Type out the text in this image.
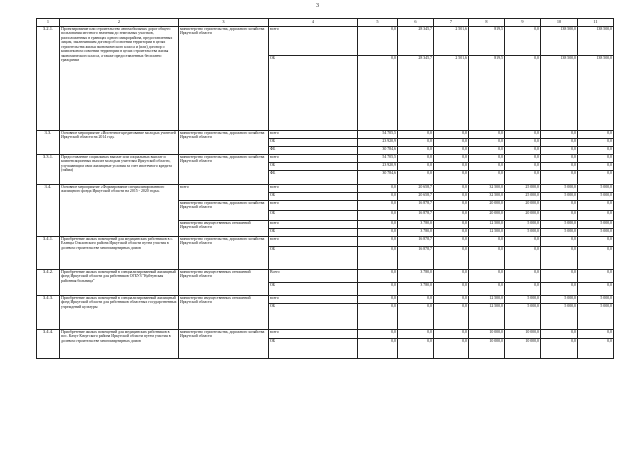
3
1	2	3	4	5	6	7	8	9	10	11
3.2.1.	Проектирование или строительство автомобильных дорог общего пользования местного значения до земельных участков, расположенных в границах одного микрорайона, предоставленных лицам, заключившим договор об освоении территории в целях строительства жилья экономического класса и (или) договор о комплексном освоении территории в целях строительства жилья экономического класса, а также предоставленных бесплатно гражданам	министерство строительства, дорожного хозяйства Иркутской области	всего	0,0	28 345,7	2 501,6	819,5	0,0	138 500,0	138 500,0
			ОБ	0,0	28 345,7	2 501,6	819,5	0,0	138 500,0	138 500,0
3.3.	Основное мероприятие «Ипотечное кредитование молодых учителей Иркутской области на 2014 год»	министерство строительства, дорожного хозяйства Иркутской области	всего	54 705,5	0,0	0,0	0,0	0,0	0,0	0,0
			ОБ	23 920,9	0,0	0,0	0,0	0,0	0,0	0,0
			ФБ	30 784,6	0,0	0,0	0,0	0,0	0,0	0,0
3.3.1.	Предоставление социальных выплат или социальных выплат и компенсационных выплат молодым учителям Иркутской области, улучшающим свои жилищные условия за счет ипотечного кредита (займа)	министерство строительства, дорожного хозяйства Иркутской области	всего	54 705,5	0,0	0,0	0,0	0,0	0,0	0,0
			ОБ	23 920,9	0,0	0,0	0,0	0,0	0,0	0,0
			ФБ	30 784,6	0,0	0,0	0,0	0,0	0,0	0,0
3.4.	Основное мероприятие «Формирование специализированного жилищного фонда Иркутской области на 2015 - 2020 годы»	всего	всего	0,0	20 658,7	0,0	32 500,0	25 000,0	5 000,0	5 000,0
			ОБ	0,0	20 658,7	0,0	32 500,0	25 000,0	5 000,0	5 000,0
		министерство строительства, дорожного хозяйства Иркутской области	всего	0,0	16 878,7	0,0	20 000,0	20 000,0	0,0	0,0
			ОБ	0,0	16 878,7	0,0	20 000,0	20 000,0	0,0	0,0
		министерство имущественных отношений Иркутской области	всего	0,0	3 780,0	0,0	12 500,0	5 000,0	5 000,0	5 000,0
			ОБ	0,0	3 780,0	0,0	12 500,0	5 000,0	5 000,0	5 000,0
3.4.1.	Приобретение жилых помещений для медицинских работников в с. Еланцы Ольхонского района Иркутской области путем участия в долевом строительстве многоквартирных домов	министерство строительства, дорожного хозяйства Иркутской области	всего	0,0	16 878,7	0,0	0,0	0,0	0,0	0,0
			ОБ	0,0	16 878,7	0,0	0,0	0,0	0,0	0,0
3.4.2.	Приобретение жилых помещений в специализированный жилищный фонд Иркутской области для работников ОГБУЗ "Куйтунская районная больница"	министерство имущественных отношений Иркутской области	Всего	0,0	3 780,0	0,0	0,0	0,0	0,0	0,0
			ОБ	0,0	3 780,0	0,0	0,0	0,0	0,0	0,0
3.4.3.	Приобретение жилых помещений в специализированный жилищный фонд Иркутской области для работников областных государственных учреждений культуры	министерство имущественных отношений Иркутской области	всего	0,0	0,0	0,0	12 500,0	5 000,0	5 000,0	5 000,0
			ОБ	0,0	0,0	0,0	12 500,0	5 000,0	5 000,0	5 000,0
3.4.4.	Приобретение жилых помещений для медицинских работников в пос. Качуг Качугского района Иркутской области путем участия в долевом строительстве многоквартирных домов	министерство строительства, дорожного хозяйства Иркутской области	всего	0,0	0,0	0,0	10 000,0	10 000,0	0,0	0,0
			ОБ	0,0	0,0	0,0	10 000,0	10 000,0	0,0	0,0
